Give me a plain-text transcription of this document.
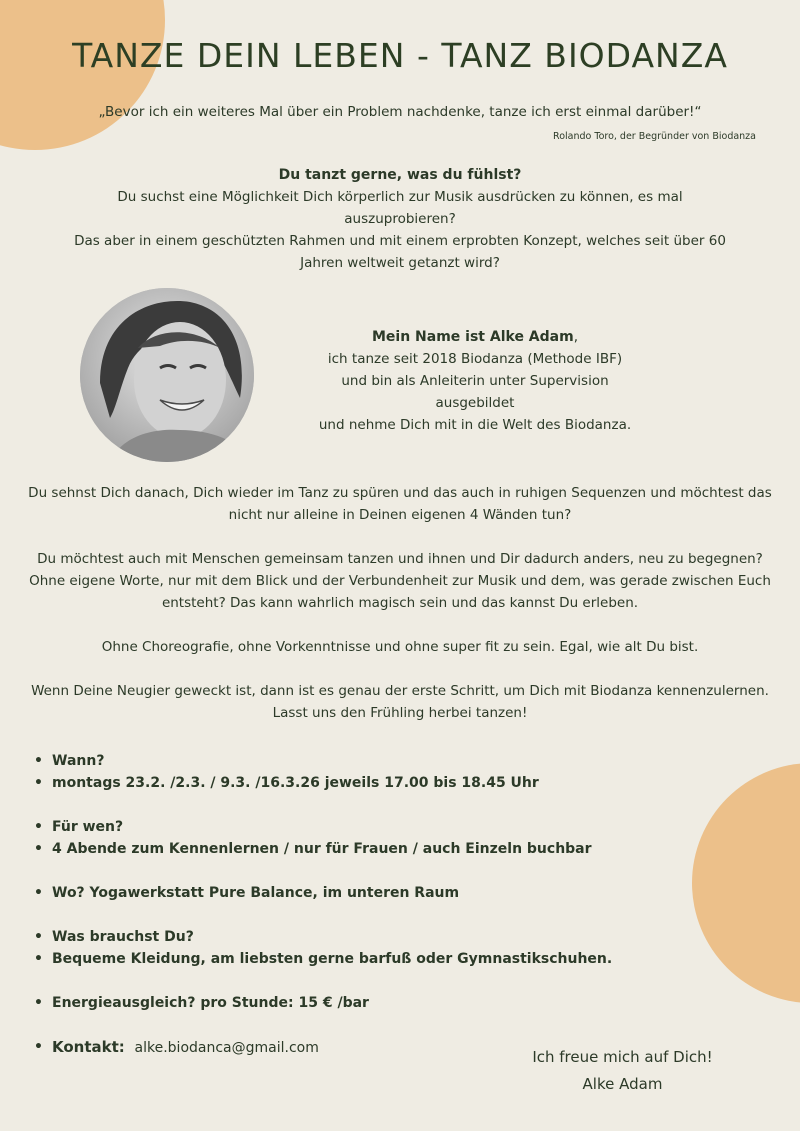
TANZE DEIN LEBEN - TANZ BIODANZA
„Bevor ich ein weiteres Mal über ein Problem nachdenke, tanze ich erst einmal darüber!“
Rolando Toro, der Begründer von Biodanza
Du tanzt gerne, was du fühlst?
Du suchst eine Möglichkeit Dich körperlich zur Musik ausdrücken zu können, es mal auszuprobieren?
Das aber in einem geschützten Rahmen und mit einem erprobten Konzept, welches seit über 60 Jahren weltweit getanzt wird?
Mein Name ist Alke Adam,
ich tanze seit 2018 Biodanza (Methode IBF)
und bin als Anleiterin unter Supervision ausgebildet
und nehme Dich mit in die Welt des Biodanza.

Du sehnst Dich danach, Dich wieder im Tanz zu spüren und das auch in ruhigen Sequenzen und möchtest das nicht nur alleine in Deinen eigenen 4 Wänden tun?

Du möchtest auch mit Menschen gemeinsam tanzen und ihnen und Dir dadurch anders, neu zu begegnen? Ohne eigene Worte, nur mit dem Blick und der Verbundenheit zur Musik und dem, was gerade zwischen Euch entsteht? Das kann wahrlich magisch sein und das kannst Du erleben.

Ohne Choreografie, ohne Vorkenntnisse und ohne super fit zu sein. Egal, wie alt Du bist.

Wenn Deine Neugier geweckt ist, dann ist es genau der erste Schritt, um Dich mit Biodanza kennenzulernen. Lasst uns den Frühling herbei tanzen!

• Wann?
• montags 23.2. /2.3. / 9.3. /16.3.26 jeweils 17.00 bis 18.45 Uhr
• Für wen?
• 4 Abende zum Kennenlernen / nur für Frauen / auch Einzeln buchbar
• Wo? Yogawerkstatt Pure Balance, im unteren Raum
• Was brauchst Du?
• Bequeme Kleidung, am liebsten gerne barfuß oder Gymnastikschuhen.
• Energieausgleich? pro Stunde: 15 € /bar
• Kontakt: alke.biodanca@gmail.com	Ich freue mich auf Dich!
Alke Adam
